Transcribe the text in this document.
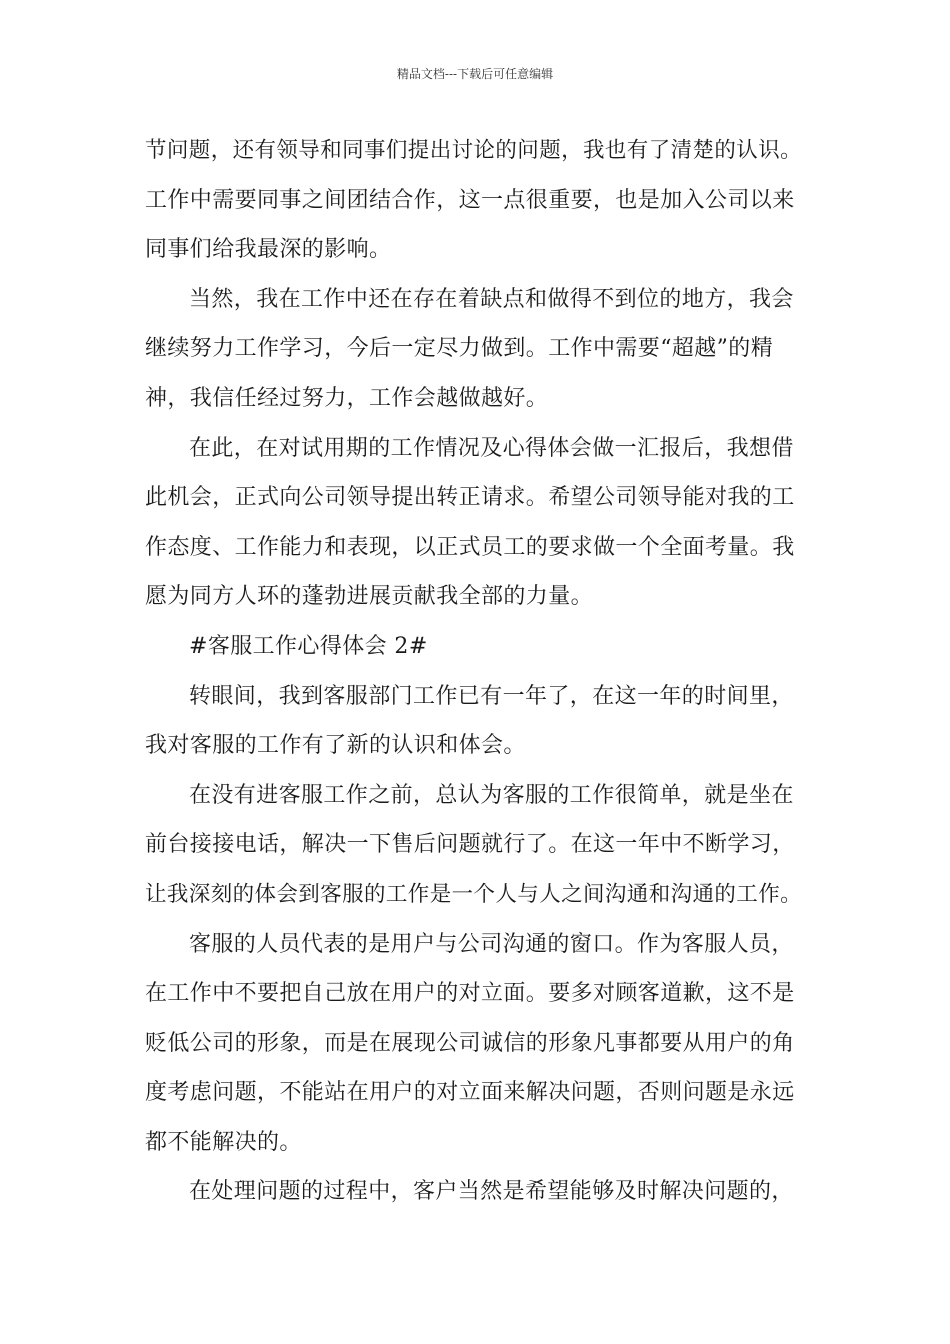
精品文档---下载后可任意编辑
节问题，还有领导和同事们提出讨论的问题，我也有了清楚的认识。
工作中需要同事之间团结合作，这一点很重要，也是加入公司以来
同事们给我最深的影响。
当然，我在工作中还在存在着缺点和做得不到位的地方，我会
继续努力工作学习，今后一定尽力做到。工作中需要“超越”的精
神，我信任经过努力，工作会越做越好。
在此，在对试用期的工作情况及心得体会做一汇报后，我想借
此机会，正式向公司领导提出转正请求。希望公司领导能对我的工
作态度、工作能力和表现，以正式员工的要求做一个全面考量。我
愿为同方人环的蓬勃进展贡献我全部的力量。
#客服工作心得体会 2#
转眼间，我到客服部门工作已有一年了，在这一年的时间里，
我对客服的工作有了新的认识和体会。
在没有进客服工作之前，总认为客服的工作很简单，就是坐在
前台接接电话，解决一下售后问题就行了。在这一年中不断学习，
让我深刻的体会到客服的工作是一个人与人之间沟通和沟通的工作。
客服的人员代表的是用户与公司沟通的窗口。作为客服人员，
在工作中不要把自己放在用户的对立面。要多对顾客道歉，这不是
贬低公司的形象，而是在展现公司诚信的形象凡事都要从用户的角
度考虑问题，不能站在用户的对立面来解决问题，否则问题是永远
都不能解决的。
在处理问题的过程中，客户当然是希望能够及时解决问题的，
